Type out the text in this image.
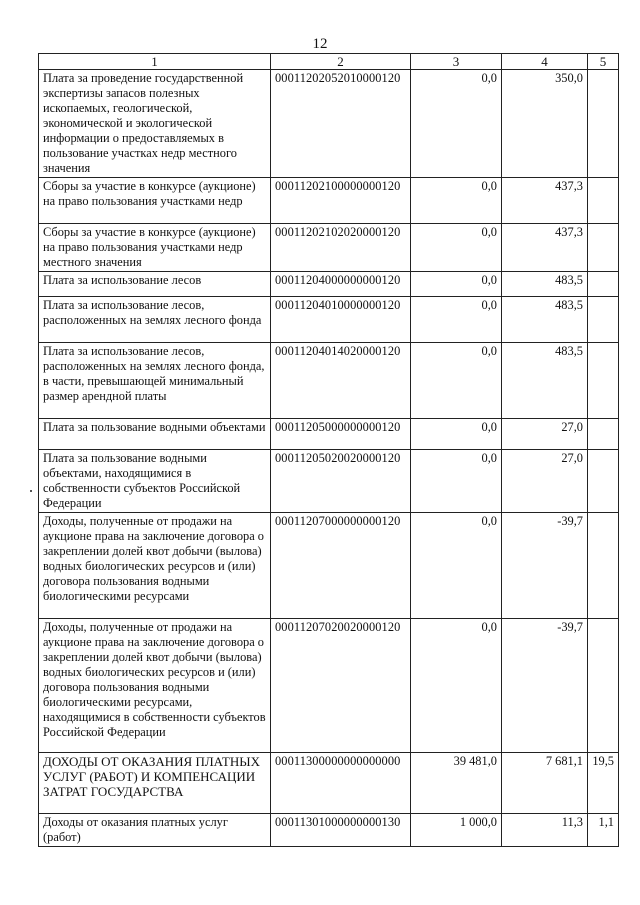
12
1	2	3	4	5
Плата за проведение государственной экспертизы запасов полезных ископаемых, геологической, экономической и экологической информации о предоставляемых в пользование участках недр местного значения	00011202052010000120	0,0	350,0	
Сборы за участие в конкурсе (аукционе) на право пользования участками недр	00011202100000000120	0,0	437,3	
Сборы за участие в конкурсе (аукционе) на право пользования участками недр местного значения	00011202102020000120	0,0	437,3	
Плата за использование лесов	00011204000000000120	0,0	483,5	
Плата за использование лесов, расположенных на землях лесного фонда	00011204010000000120	0,0	483,5	
Плата за использование лесов, расположенных на землях лесного фонда, в части, превышающей минимальный размер арендной платы	00011204014020000120	0,0	483,5	
Плата за пользование водными объектами	00011205000000000120	0,0	27,0	
Плата за пользование водными объектами, находящимися в собственности субъектов Российской Федерации	00011205020020000120	0,0	27,0	
Доходы, полученные от продажи на аукционе права на заключение договора о закреплении долей квот добычи (вылова) водных биологических ресурсов и (или) договора пользования водными биологическими ресурсами	00011207000000000120	0,0	-39,7	
Доходы, полученные от продажи на аукционе права на заключение договора о закреплении долей квот добычи (вылова) водных биологических ресурсов и (или) договора пользования водными биологическими ресурсами, находящимися в собственности субъектов Российской Федерации	00011207020020000120	0,0	-39,7	
ДОХОДЫ ОТ ОКАЗАНИЯ ПЛАТНЫХ УСЛУГ (РАБОТ) И КОМПЕНСАЦИИ ЗАТРАТ ГОСУДАРСТВА	00011300000000000000	39 481,0	7 681,1	19,5
Доходы от оказания платных услуг (работ)	00011301000000000130	1 000,0	11,3	1,1
